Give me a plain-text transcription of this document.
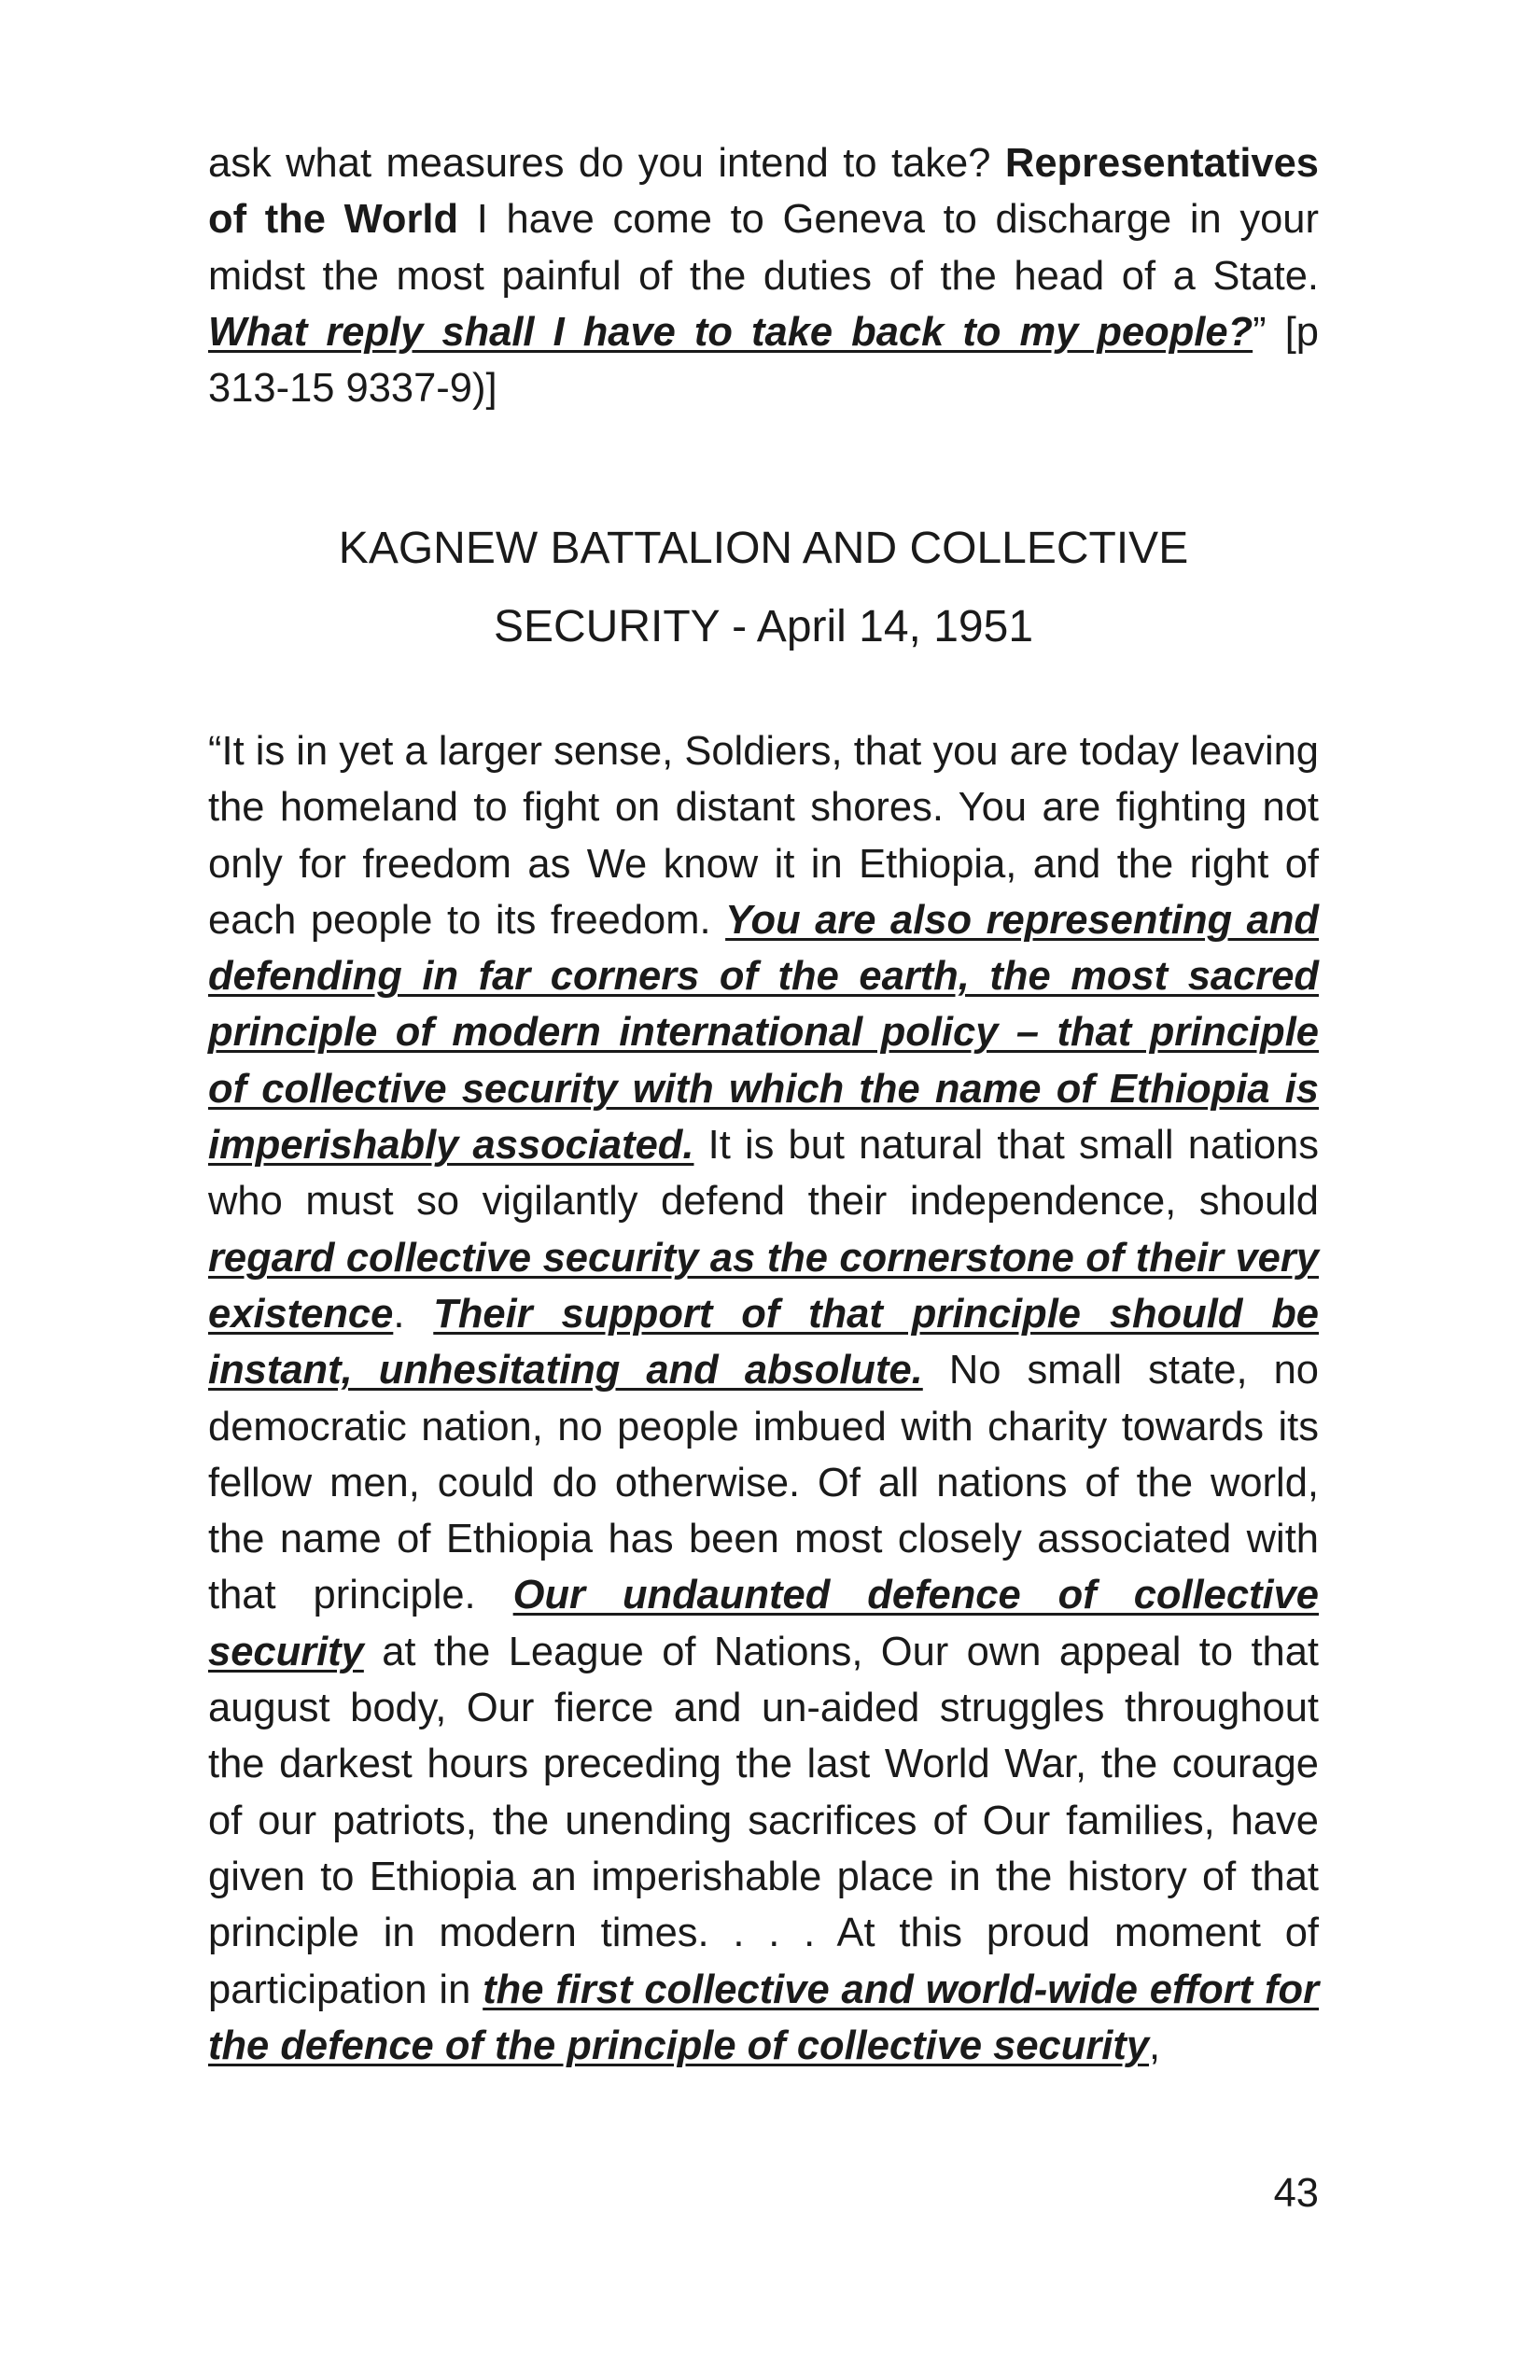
ask what measures do you intend to take? Representatives of the World I have come to Geneva to discharge in your midst the most painful of the duties of the head of a State. What reply shall I have to take back to my people?” [p 313-15 9337-9)]

KAGNEW BATTALION AND COLLECTIVE
SECURITY - April 14, 1951

“It is in yet a larger sense, Soldiers, that you are today leaving the homeland to fight on distant shores. You are fighting not only for freedom as We know it in Ethiopia, and the right of each people to its freedom. You are also representing and defending in far corners of the earth, the most sacred principle of modern international policy – that principle of collective security with which the name of Ethiopia is imperishably associated. It is but natural that small nations who must so vigilantly defend their independence, should regard collective security as the cornerstone of their very existence. Their support of that principle should be instant, unhesitating and absolute. No small state, no democratic nation, no people imbued with charity towards its fellow men, could do otherwise. Of all nations of the world, the name of Ethiopia has been most closely associated with that principle. Our undaunted defence of collective security at the League of Nations, Our own appeal to that august body, Our fierce and un-aided struggles throughout the darkest hours preceding the last World War, the courage of our patriots, the unending sacrifices of Our families, have given to Ethiopia an imperishable place in the history of that principle in modern times. . . . At this proud moment of participation in the first collective and world-wide effort for the defence of the principle of collective security,

43
